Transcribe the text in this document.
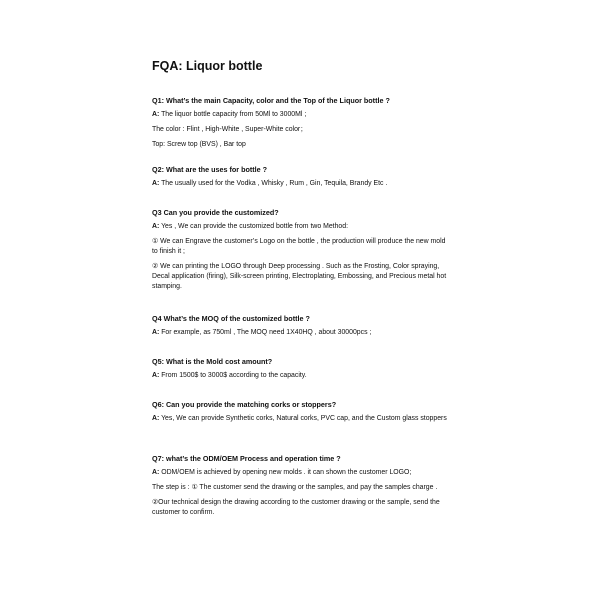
FQA: Liquor bottle
Q1: What’s the main Capacity, color and the Top of the Liquor bottle ?
A: The liquor bottle capacity from 50Ml to 3000Ml ;
The color : Flint , High-White , Super-White color；
Top: Screw top (BVS) , Bar top
Q2: What are the uses for bottle ?
A: The usually used for the Vodka , Whisky , Rum , Gin, Tequila, Brandy Etc .
Q3 Can you provide the customized?
A: Yes , We can provide the customized bottle from two Method:
① We can Engrave the customer’s Logo on the bottle , the production will produce the new mold to finish it ;
② We can printing the LOGO through Deep processing . Such as the Frosting, Color spraying, Decal application (firing), Silk-screen printing, Electroplating, Embossing, and Precious metal hot stamping.
Q4 What’s the MOQ of the customized bottle ?
A: For example, as 750ml , The MOQ need 1X40HQ , about 30000pcs ;
Q5: What is the Mold cost amount?
A: From 1500$ to 3000$ according to the capacity.
Q6: Can you provide the matching corks or stoppers?
A: Yes, We can provide Synthetic corks, Natural corks, PVC cap, and the Custom glass stoppers
Q7: what’s the ODM/OEM Process and operation time ?
A: ODM/OEM is achieved by opening new molds . it can shown the customer LOGO;
The step is : ① The customer send the drawing or the samples, and pay the samples charge .
②Our technical design the drawing according to the customer drawing or the sample, send the customer to confirm.
